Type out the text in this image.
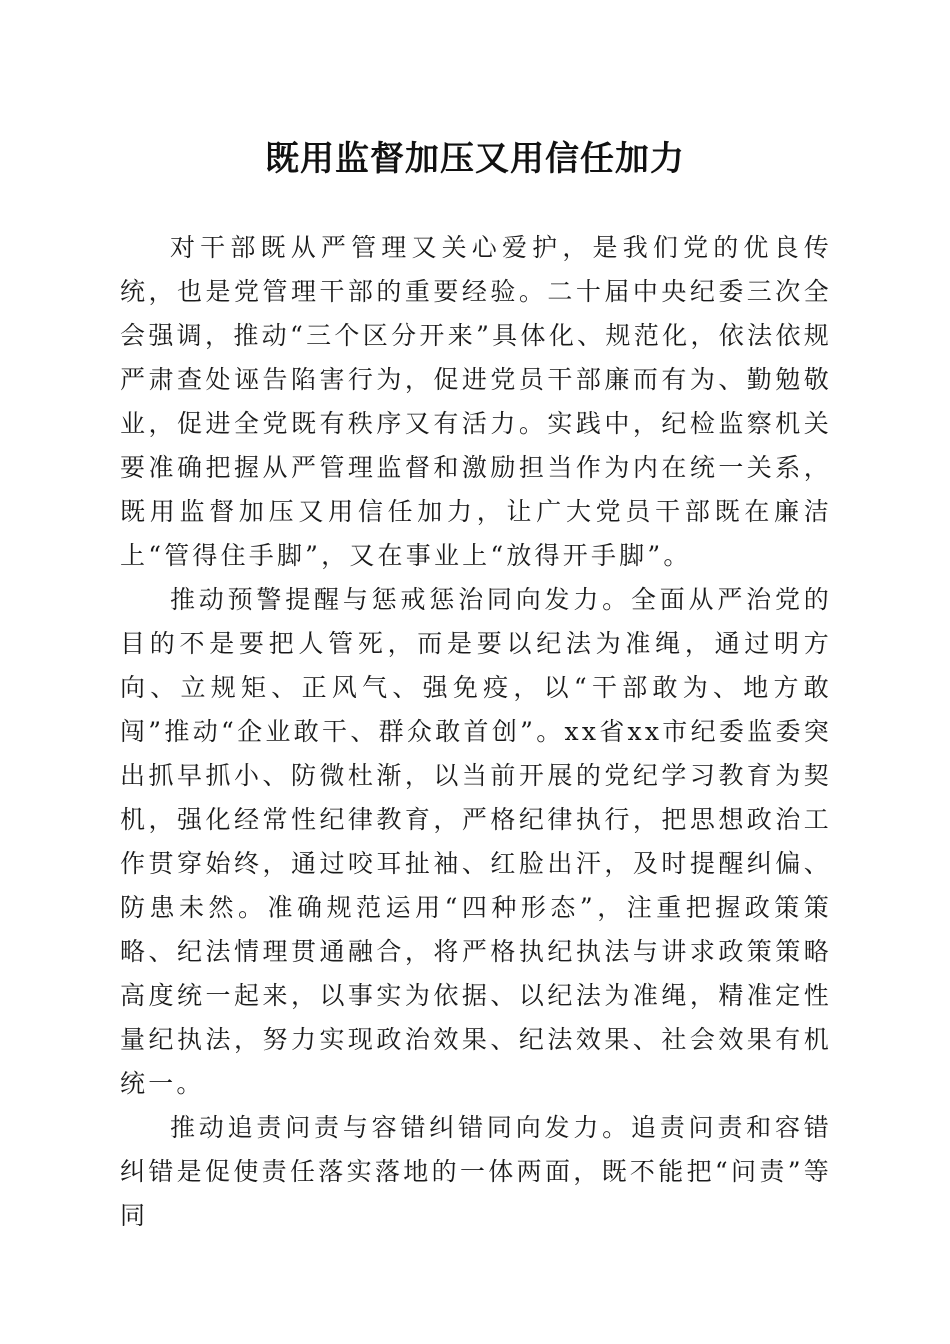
既用监督加压又用信任加力

对干部既从严管理又关心爱护，是我们党的优良传统，也是党管理干部的重要经验。二十届中央纪委三次全会强调，推动“三个区分开来”具体化、规范化，依法依规严肃查处诬告陷害行为，促进党员干部廉而有为、勤勉敬业，促进全党既有秩序又有活力。实践中，纪检监察机关要准确把握从严管理监督和激励担当作为内在统一关系，既用监督加压又用信任加力，让广大党员干部既在廉洁上“管得住手脚”，又在事业上“放得开手脚”。

推动预警提醒与惩戒惩治同向发力。全面从严治党的目的不是要把人管死，而是要以纪法为准绳，通过明方向、立规矩、正风气、强免疫，以“干部敢为、地方敢闯”推动“企业敢干、群众敢首创”。xx省xx市纪委监委突出抓早抓小、防微杜渐，以当前开展的党纪学习教育为契机，强化经常性纪律教育，严格纪律执行，把思想政治工作贯穿始终，通过咬耳扯袖、红脸出汗，及时提醒纠偏、防患未然。准确规范运用“四种形态”，注重把握政策策略、纪法情理贯通融合，将严格执纪执法与讲求政策策略高度统一起来，以事实为依据、以纪法为准绳，精准定性量纪执法，努力实现政治效果、纪法效果、社会效果有机统一。

推动追责问责与容错纠错同向发力。追责问责和容错纠错是促使责任落实落地的一体两面，既不能把“问责”等同
